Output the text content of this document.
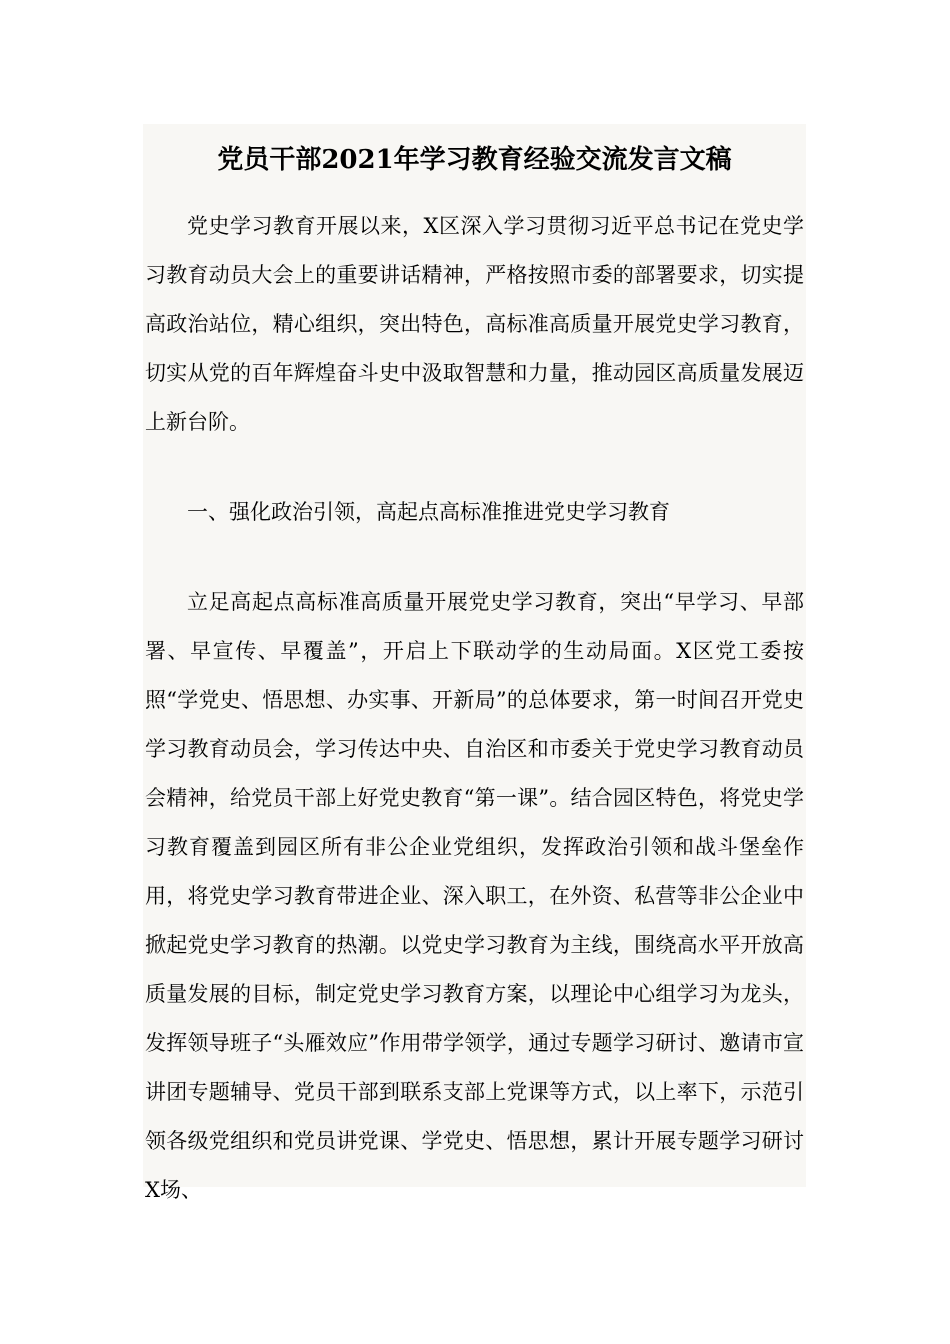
党员干部2021年学习教育经验交流发言文稿

党史学习教育开展以来，X区深入学习贯彻习近平总书记在党史学习教育动员大会上的重要讲话精神，严格按照市委的部署要求，切实提高政治站位，精心组织，突出特色，高标准高质量开展党史学习教育，切实从党的百年辉煌奋斗史中汲取智慧和力量，推动园区高质量发展迈上新台阶。

一、强化政治引领，高起点高标准推进党史学习教育

立足高起点高标准高质量开展党史学习教育，突出“早学习、早部署、早宣传、早覆盖”，开启上下联动学的生动局面。X区党工委按照“学党史、悟思想、办实事、开新局”的总体要求，第一时间召开党史学习教育动员会，学习传达中央、自治区和市委关于党史学习教育动员会精神，给党员干部上好党史教育“第一课”。结合园区特色，将党史学习教育覆盖到园区所有非公企业党组织，发挥政治引领和战斗堡垒作用，将党史学习教育带进企业、深入职工，在外资、私营等非公企业中掀起党史学习教育的热潮。以党史学习教育为主线，围绕高水平开放高质量发展的目标，制定党史学习教育方案，以理论中心组学习为龙头，发挥领导班子“头雁效应”作用带学领学，通过专题学习研讨、邀请市宣讲团专题辅导、党员干部到联系支部上党课等方式，以上率下，示范引领各级党组织和党员讲党课、学党史、悟思想，累计开展专题学习研讨X场、
